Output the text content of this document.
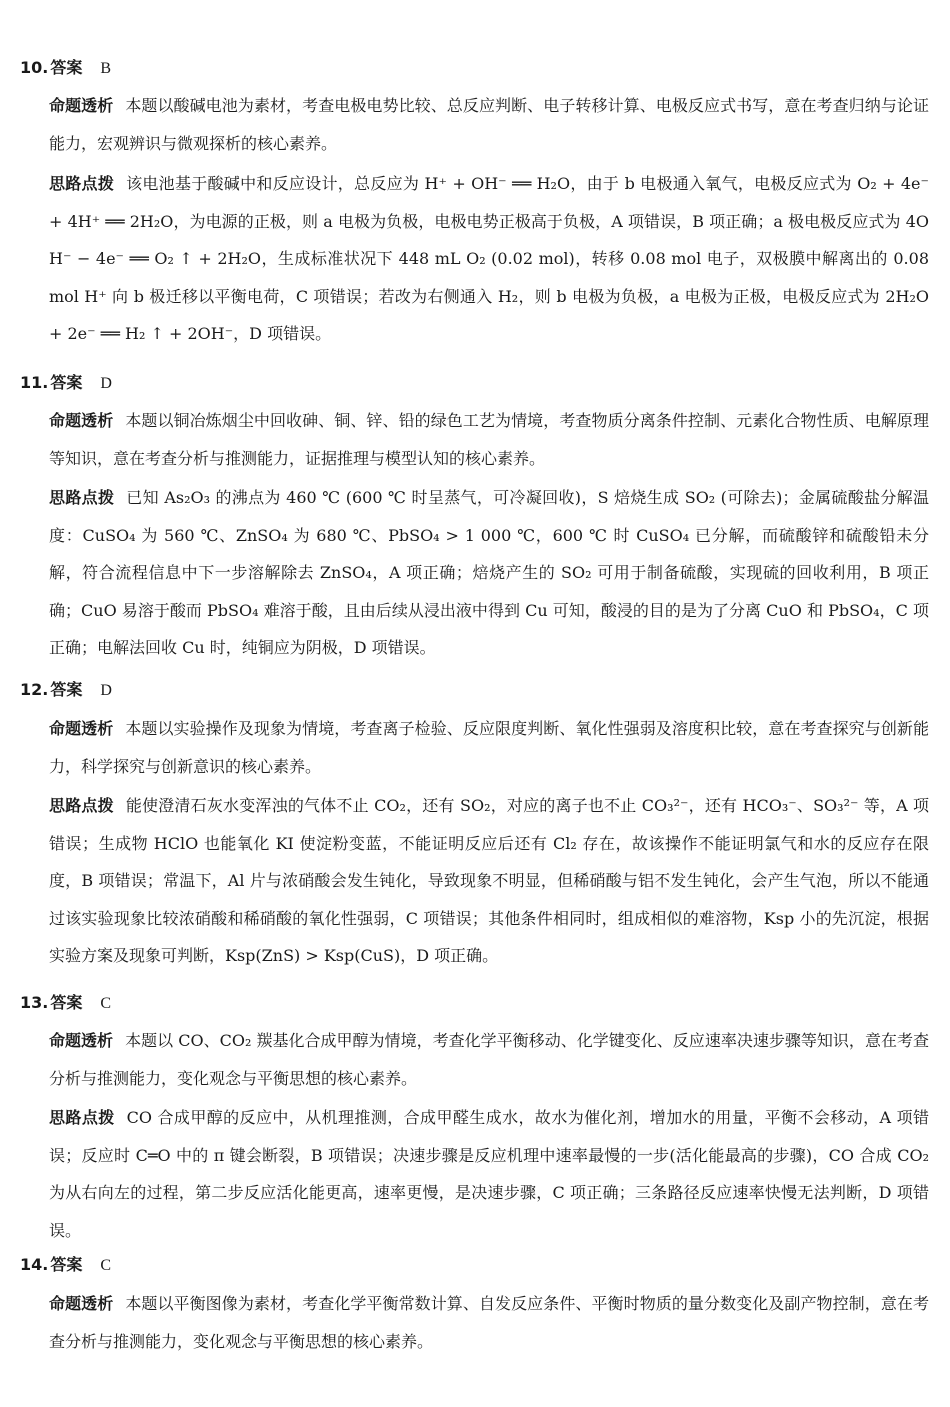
10. 答案 B
命题透析 本题以酸碱电池为素材，考查电极电势比较、总反应判断、电子转移计算、电极反应式书写，意在考查归纳与论证能力，宏观辨识与微观探析的核心素养。
思路点拨 该电池基于酸碱中和反应设计，总反应为 H⁺ + OH⁻ ══ H₂O，由于 b 电极通入氧气，电极反应式为 O₂ + 4e⁻ + 4H⁺ ══ 2H₂O，为电源的正极，则 a 电极为负极，电极电势正极高于负极，A 项错误，B 项正确；a 极电极反应式为 4OH⁻ − 4e⁻ ══ O₂ ↑ + 2H₂O，生成标准状况下 448 mL O₂ (0.02 mol)，转移 0.08 mol 电子，双极膜中解离出的 0.08 mol H⁺ 向 b 极迁移以平衡电荷，C 项错误；若改为右侧通入 H₂，则 b 电极为负极，a 电极为正极，电极反应式为 2H₂O + 2e⁻ ══ H₂ ↑ + 2OH⁻，D 项错误。
11. 答案 D
命题透析 本题以铜冶炼烟尘中回收砷、铜、锌、铅的绿色工艺为情境，考查物质分离条件控制、元素化合物性质、电解原理等知识，意在考查分析与推测能力，证据推理与模型认知的核心素养。
思路点拨 已知 As₂O₃ 的沸点为 460 ℃ (600 ℃ 时呈蒸气，可冷凝回收)，S 焙烧生成 SO₂ (可除去)；金属硫酸盐分解温度：CuSO₄ 为 560 ℃、ZnSO₄ 为 680 ℃、PbSO₄ > 1 000 ℃，600 ℃ 时 CuSO₄ 已分解，而硫酸锌和硫酸铅未分解，符合流程信息中下一步溶解除去 ZnSO₄，A 项正确；焙烧产生的 SO₂ 可用于制备硫酸，实现硫的回收利用，B 项正确；CuO 易溶于酸而 PbSO₄ 难溶于酸，且由后续从浸出液中得到 Cu 可知，酸浸的目的是为了分离 CuO 和 PbSO₄，C 项正确；电解法回收 Cu 时，纯铜应为阴极，D 项错误。
12. 答案 D
命题透析 本题以实验操作及现象为情境，考查离子检验、反应限度判断、氧化性强弱及溶度积比较，意在考查探究与创新能力，科学探究与创新意识的核心素养。
思路点拨 能使澄清石灰水变浑浊的气体不止 CO₂，还有 SO₂，对应的离子也不止 CO₃²⁻，还有 HCO₃⁻、SO₃²⁻ 等，A 项错误；生成物 HClO 也能氧化 KI 使淀粉变蓝，不能证明反应后还有 Cl₂ 存在，故该操作不能证明氯气和水的反应存在限度，B 项错误；常温下，Al 片与浓硝酸会发生钝化，导致现象不明显，但稀硝酸与铝不发生钝化，会产生气泡，所以不能通过该实验现象比较浓硝酸和稀硝酸的氧化性强弱，C 项错误；其他条件相同时，组成相似的难溶物，Ksp 小的先沉淀，根据实验方案及现象可判断，Ksp(ZnS) > Ksp(CuS)，D 项正确。
13. 答案 C
命题透析 本题以 CO、CO₂ 羰基化合成甲醇为情境，考查化学平衡移动、化学键变化、反应速率决速步骤等知识，意在考查分析与推测能力，变化观念与平衡思想的核心素养。
思路点拨 CO 合成甲醇的反应中，从机理推测，合成甲醛生成水，故水为催化剂，增加水的用量，平衡不会移动，A 项错误；反应时 C═O 中的 π 键会断裂，B 项错误；决速步骤是反应机理中速率最慢的一步(活化能最高的步骤)，CO 合成 CO₂ 为从右向左的过程，第二步反应活化能更高，速率更慢，是决速步骤，C 项正确；三条路径反应速率快慢无法判断，D 项错误。
14. 答案 C
命题透析 本题以平衡图像为素材，考查化学平衡常数计算、自发反应条件、平衡时物质的量分数变化及副产物控制，意在考查分析与推测能力，变化观念与平衡思想的核心素养。
